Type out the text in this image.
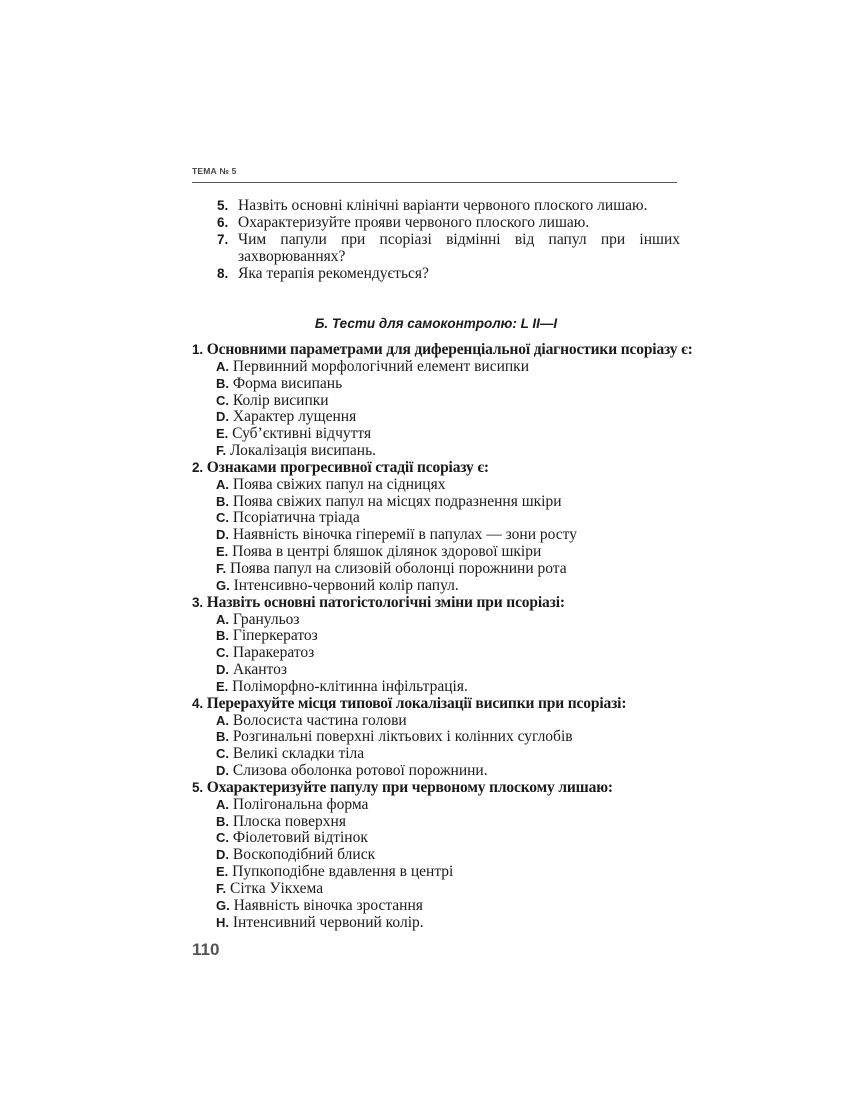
ТЕМА № 5
5. Назвіть основні клінічні варіанти червоного плоского лишаю.
6. Охарактеризуйте прояви червоного плоского лишаю.
7. Чим папули при псоріазі відмінні від папул при інших захворюваннях?
8. Яка терапія рекомендується?
Б. Тести для самоконтролю: L II—I
1. Основними параметрами для диференціальної діагностики псоріазу є:
A. Первинний морфологічний елемент висипки
B. Форма висипань
C. Колір висипки
D. Характер лущення
E. Суб’єктивні відчуття
F. Локалізація висипань.
2. Ознаками прогресивної стадії псоріазу є:
A. Поява свіжих папул на сідницях
B. Поява свіжих папул на місцях подразнення шкіри
C. Псоріатична тріада
D. Наявність віночка гіперемії в папулах — зони росту
E. Поява в центрі бляшок ділянок здорової шкіри
F. Поява папул на слизовій оболонці порожнини рота
G. Інтенсивно-червоний колір папул.
3. Назвіть основні патогістологічні зміни при псоріазі:
A. Гранульоз
B. Гіперкератоз
C. Паракератоз
D. Акантоз
E. Поліморфно-клітинна інфільтрація.
4. Перерахуйте місця типової локалізації висипки при псоріазі:
A. Волосиста частина голови
B. Розгинальні поверхні ліктьових і колінних суглобів
C. Великі складки тіла
D. Слизова оболонка ротової порожнини.
5. Охарактеризуйте папулу при червоному плоскому лишаю:
A. Полігональна форма
B. Плоска поверхня
C. Фіолетовий відтінок
D. Воскоподібний блиск
E. Пупкоподібне вдавлення в центрі
F. Сітка Уікхема
G. Наявність віночка зростання
H. Інтенсивний червоний колір.
110
